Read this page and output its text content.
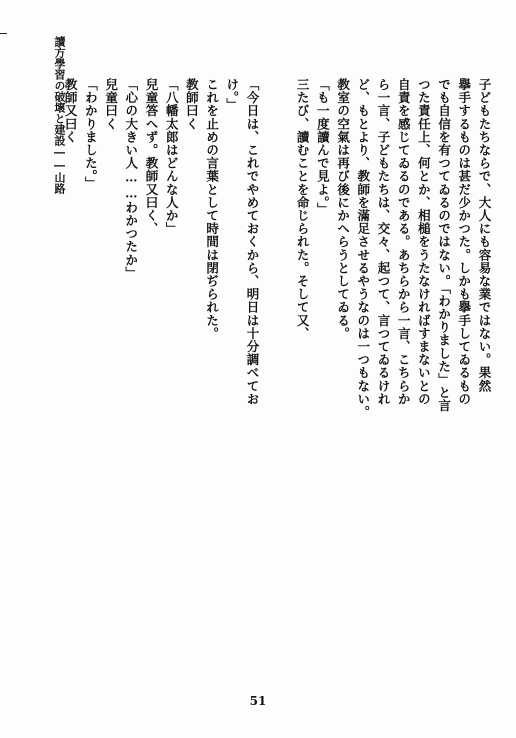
讀方學習の破壞と建設――山路	子どもたちならで、大人にも容易な業ではない。果然
擧手するものは甚だ少かつた。しかも擧手してゐるもの
でも自信を有つてゐるのではない。「わかりました」と言
つた責任上、何とか、相槌をうたなければすまないとの
自責を感じてゐるのである。あちらから一言、こちらか
ら一言、子どもたちは、交々、起つて、言つてゐるけれ
ど、もとより、教師を滿足させるやうなのは一つもない。
教室の空氣は再び後にかへらうとしてゐる。
「も一度讀んで見よ。」
三たび、讀むことを命じられた。そして又、
「今日は、これでやめておくから、明日は十分調べてお
け。」
これを止めの言葉として時間は閉ぢられた。
教師曰く
「八幡太郎はどんな人か」
兒童答へず。教師又曰く、
「心の大きい人……わかつたか」
兒童曰く
「わかりました。」
教師又曰く
51
